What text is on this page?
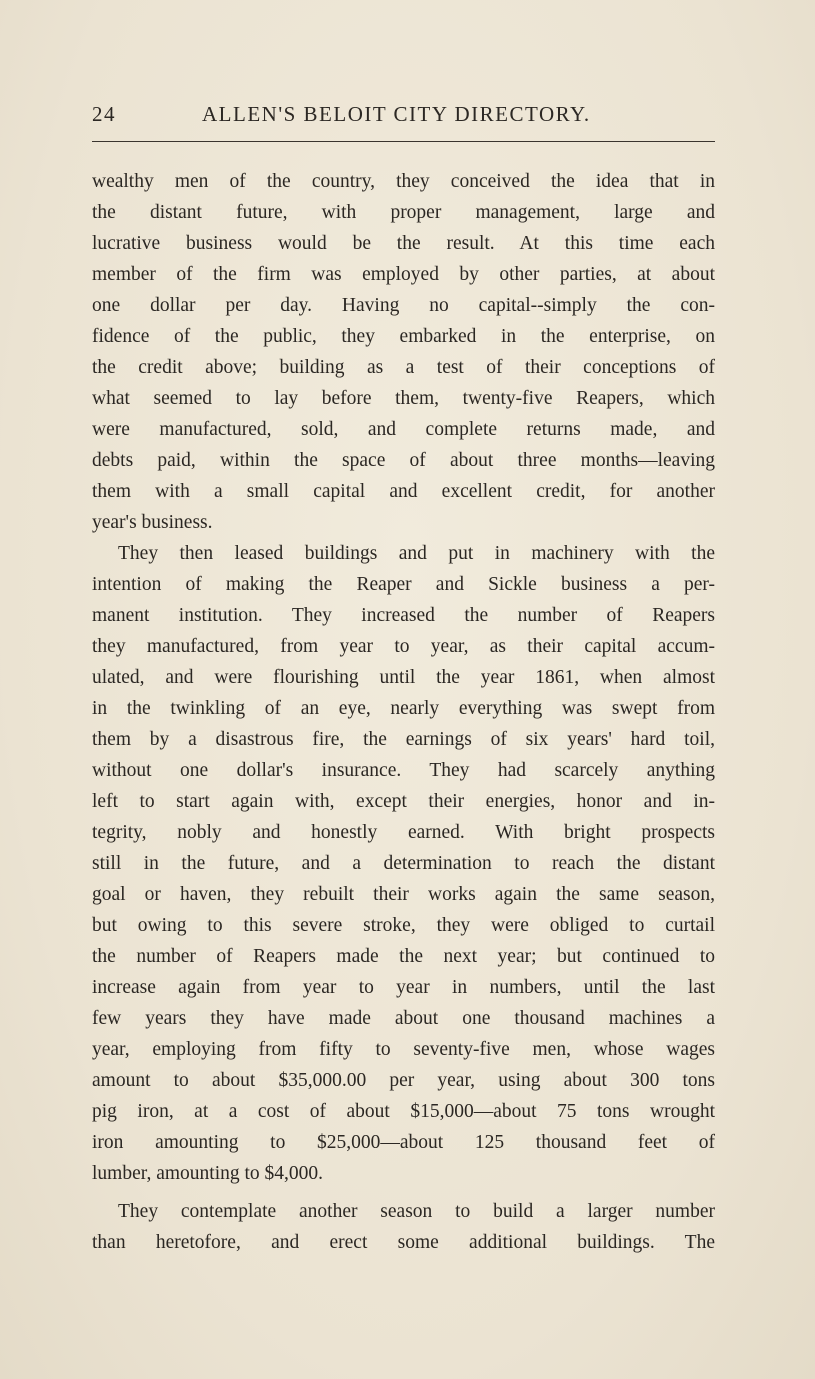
24	ALLEN'S BELOIT CITY DIRECTORY.
wealthy men of the country, they conceived the idea that in
the distant future, with proper management, large and
lucrative business would be the result. At this time each
member of the firm was employed by other parties, at about
one dollar per day. Having no capital--simply the con-
fidence of the public, they embarked in the enterprise, on
the credit above; building as a test of their conceptions of
what seemed to lay before them, twenty-five Reapers, which
were manufactured, sold, and complete returns made, and
debts paid, within the space of about three months—leaving
them with a small capital and excellent credit, for another
year's business.
They then leased buildings and put in machinery with the
intention of making the Reaper and Sickle business a per-
manent institution. They increased the number of Reapers
they manufactured, from year to year, as their capital accum-
ulated, and were flourishing until the year 1861, when almost
in the twinkling of an eye, nearly everything was swept from
them by a disastrous fire, the earnings of six years' hard toil,
without one dollar's insurance. They had scarcely anything
left to start again with, except their energies, honor and in-
tegrity, nobly and honestly earned. With bright prospects
still in the future, and a determination to reach the distant
goal or haven, they rebuilt their works again the same season,
but owing to this severe stroke, they were obliged to curtail
the number of Reapers made the next year; but continued to
increase again from year to year in numbers, until the last
few years they have made about one thousand machines a
year, employing from fifty to seventy-five men, whose wages
amount to about $35,000.00 per year, using about 300 tons
pig iron, at a cost of about $15,000—about 75 tons wrought
iron amounting to $25,000—about 125 thousand feet of
lumber, amounting to $4,000.
They contemplate another season to build a larger number
than heretofore, and erect some additional buildings. The
